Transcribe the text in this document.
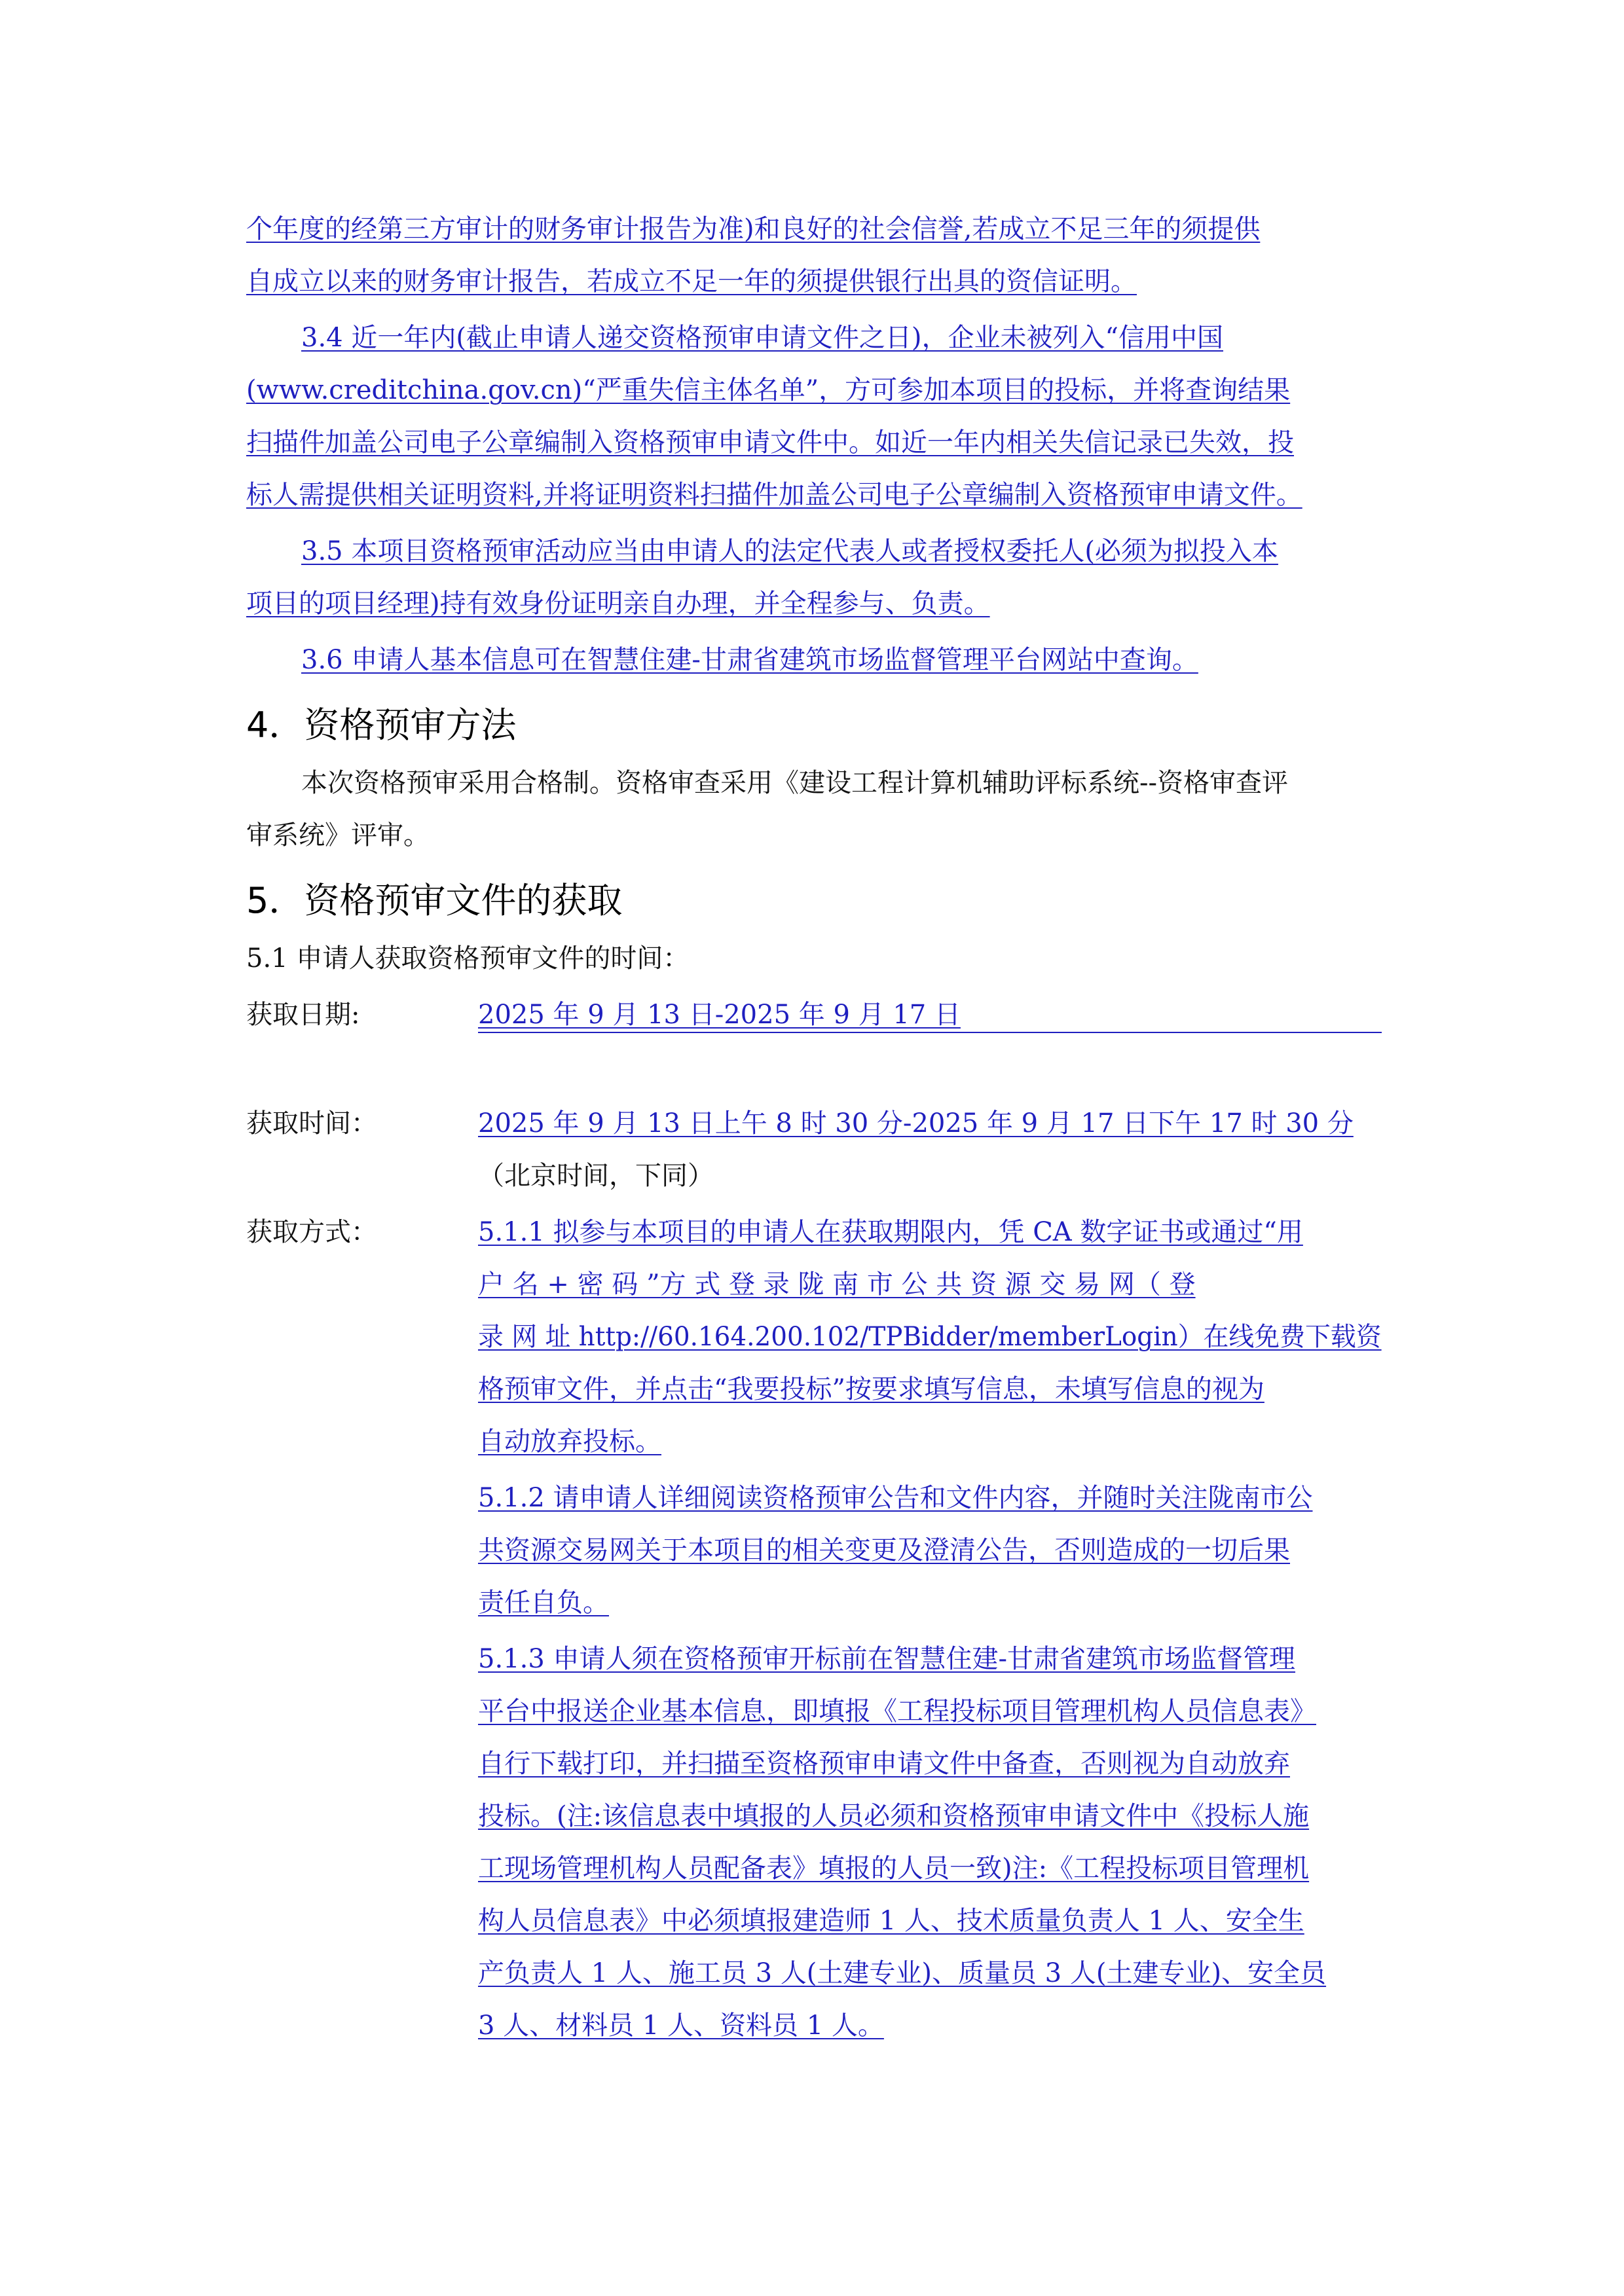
个年度的经第三方审计的财务审计报告为准)和良好的社会信誉,若成立不足三年的须提供
自成立以来的财务审计报告，若成立不足一年的须提供银行出具的资信证明。
3.4 近一年内(截止申请人递交资格预审申请文件之日)，企业未被列入“信用中国
(www.creditchina.gov.cn)“严重失信主体名单”，方可参加本项目的投标，并将查询结果
扫描件加盖公司电子公章编制入资格预审申请文件中。如近一年内相关失信记录已失效，投
标人需提供相关证明资料,并将证明资料扫描件加盖公司电子公章编制入资格预审申请文件。
3.5 本项目资格预审活动应当由申请人的法定代表人或者授权委托人(必须为拟投入本
项目的项目经理)持有效身份证明亲自办理，并全程参与、负责。
3.6 申请人基本信息可在智慧住建-甘肃省建筑市场监督管理平台网站中查询。
4．资格预审方法
本次资格预审采用合格制。资格审查采用《建设工程计算机辅助评标系统--资格审查评
审系统》评审。
5．资格预审文件的获取
5.1 申请人获取资格预审文件的时间：
获取日期:	2025 年 9 月 13 日-2025 年 9 月 17 日
获取时间：	2025 年 9 月 13 日上午 8 时 30 分-2025 年 9 月 17 日下午 17 时 30 分
（北京时间，下同）
获取方式：	5.1.1 拟参与本项目的申请人在获取期限内，凭 CA 数字证书或通过“用
户 名 + 密 码 ”方 式 登 录 陇 南 市 公 共 资 源 交 易 网（ 登
录 网 址 http://60.164.200.102/TPBidder/memberLogin）在线免费下载资
格预审文件，并点击“我要投标”按要求填写信息，未填写信息的视为
自动放弃投标。
5.1.2 请申请人详细阅读资格预审公告和文件内容，并随时关注陇南市公
共资源交易网关于本项目的相关变更及澄清公告，否则造成的一切后果
责任自负。
5.1.3 申请人须在资格预审开标前在智慧住建-甘肃省建筑市场监督管理
平台中报送企业基本信息，即填报《工程投标项目管理机构人员信息表》
自行下载打印，并扫描至资格预审申请文件中备查，否则视为自动放弃
投标。(注:该信息表中填报的人员必须和资格预审申请文件中《投标人施
工现场管理机构人员配备表》填报的人员一致)注:《工程投标项目管理机
构人员信息表》中必须填报建造师 1 人、技术质量负责人 1 人、安全生
产负责人 1 人、施工员 3 人(土建专业)、质量员 3 人(土建专业)、安全员
3 人、材料员 1 人、资料员 1 人。
